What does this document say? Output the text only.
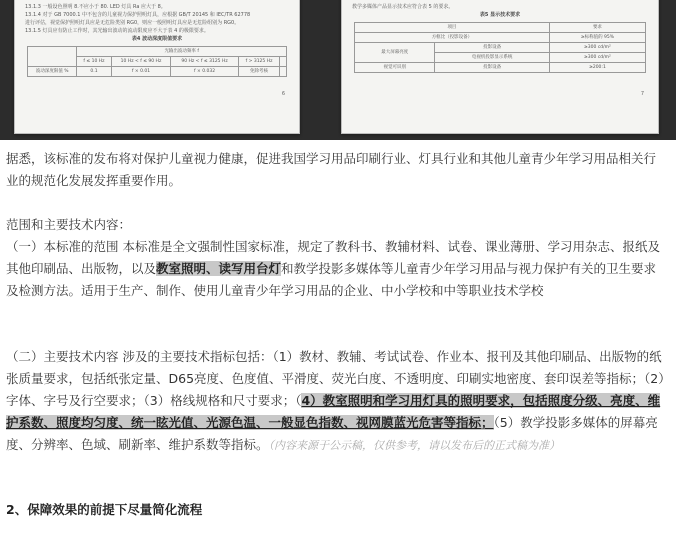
13.1.3 一般设色照明 8.不应小于 80. LED 灯具 Ra 应大于 8。
13.1.4 对于 GB 7000.1 中不包含的儿童视力保护照明灯具，应根据 GB/T 20145 和 IEC/TR 62778
进行评估，视觉保护照明灯具应是无危险类别 RG0，则应一般照明灯具应是无危险组别为 RG0。
13.1.5 灯具应有防止工作时，其光输出波动的流动限度应不大于表 4 的极限要求。
表4 波动深度限值要求
	光输出波动频率 f				
	f ≤ 10 Hz	10 Hz < f ≤ 90 Hz	90 Hz < f ≤ 3125 Hz	f > 3125 Hz	
波动深度限值 %	0.1	f × 0.01	f × 0.032	免除考核	
6
教学多媒体产品显示技术应符合表 5 的要求。
表5 显示技术要求
项目		要求
方框比（投影设备）		≥标称值的 95%
最大屏幕亮度	投影设备	≥300 cd/m²
	电视机投影显示系统	≥300 cd/m²
视觉可识别	投影设备	≥200:1
7

据悉，该标准的发布将对保护儿童视力健康，促进我国学习用品印刷行业、灯具行业和其他儿童青少年学习用品相关行业的规范化发展发挥重要作用。

范围和主要技术内容：

（一）本标准的范围 本标准是全文强制性国家标准，规定了教科书、教辅材料、试卷、课业薄册、学习用杂志、报纸及其他印刷品、出版物，以及教室照明、读写用台灯和教学投影多媒体等儿童青少年学习用品与视力保护有关的卫生要求及检测方法。适用于生产、制作、使用儿童青少年学习用品的企业、中小学校和中等职业技术学校

（二）主要技术内容 涉及的主要技术指标包括：（1）教材、教辅、考试试卷、作业本、报刊及其他印刷品、出版物的纸张质量要求，包括纸张定量、D65亮度、色度值、平滑度、荧光白度、不透明度、印刷实地密度、套印误差等指标；（2）字体、字号及行空要求；（3）格线规格和尺寸要求；（4）教室照明和学习用灯具的照明要求，包括照度分级、亮度、维护系数、照度均匀度、统一眩光值、光源色温、一般显色指数、视网膜蓝光危害等指标；（5）教学投影多媒体的屏幕亮度、分辨率、色域、刷新率、维护系数等指标。（内容来源于公示稿，仅供参考，请以发布后的正式稿为准）

2、保障效果的前提下尽量简化流程
